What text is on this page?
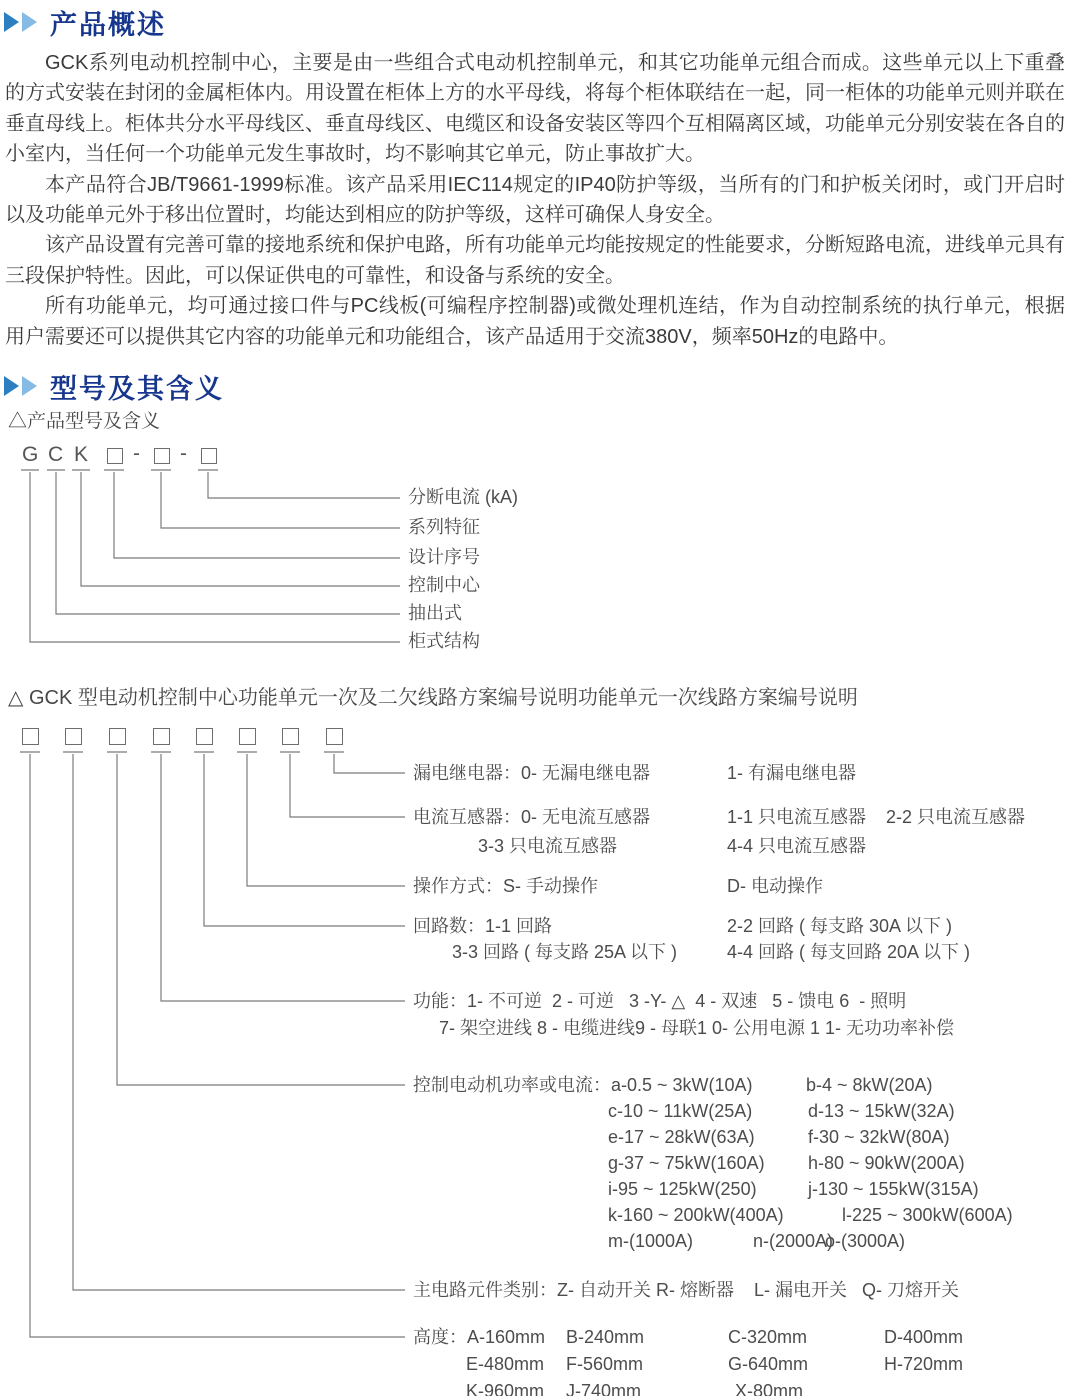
产品概述

GCK系列电动机控制中心，主要是由一些组合式电动机控制单元，和其它功能单元组合而成。这些单元以上下重叠的方式安装在封闭的金属柜体内。用设置在柜体上方的水平母线，将每个柜体联结在一起，同一柜体的功能单元则并联在垂直母线上。柜体共分水平母线区、垂直母线区、电缆区和设备安装区等四个互相隔离区域，功能单元分别安装在各自的小室内，当任何一个功能单元发生事故时，均不影响其它单元，防止事故扩大。

本产品符合JB/T9661-1999标准。该产品采用IEC114规定的IP40防护等级，当所有的门和护板关闭时，或门开启时以及功能单元外于移出位置时，均能达到相应的防护等级，这样可确保人身安全。

该产品设置有完善可靠的接地系统和保护电路，所有功能单元均能按规定的性能要求，分断短路电流，进线单元具有三段保护特性。因此，可以保证供电的可靠性，和设备与系统的安全。

所有功能单元，均可通过接口件与PC线板(可编程序控制器)或微处理机连结，作为自动控制系统的执行单元，根据用户需要还可以提供其它内容的功能单元和功能组合，该产品适用于交流380V，频率50Hz的电路中。

型号及其含义
△产品型号及含义
G C K - -
分断电流 (kA)
系列特征
设计序号
控制中心
抽出式
柜式结构
△ GCK 型电动机控制中心功能单元一次及二欠线路方案编号说明功能单元一次线路方案编号说明
漏电继电器：0- 无漏电继电器	1- 有漏电继电器
电流互感器：0- 无电流互感器	1-1 只电流互感器 2-2 只电流互感器
3-3 只电流互感器	4-4 只电流互感器
操作方式：S- 手动操作	D- 电动操作
回路数：1-1 回路	2-2 回路 ( 每支路 30A 以下 )
3-3 回路 ( 每支路 25A 以下 )	4-4 回路 ( 每支回路 20A 以下 )
功能：1- 不可逆  2 - 可逆   3 -Y- △  4 - 双速   5 - 馈电 6  - 照明
7- 架空进线 8 - 电缆进线9 - 母联1 0- 公用电源 1 1- 无功功率补偿
控制电动机功率或电流：a-0.5 ~ 3kW(10A)	b-4 ~ 8kW(20A)
c-10 ~ 11kW(25A)	d-13 ~ 15kW(32A)
e-17 ~ 28kW(63A)	f-30 ~ 32kW(80A)
g-37 ~ 75kW(160A) h-80 ~ 90kW(200A)
i-95 ~ 125kW(250)	j-130 ~ 155kW(315A)
k-160 ~ 200kW(400A)	l-225 ~ 300kW(600A)
m-(1000A)	n-(2000A)
o-(3000A)
主电路元件类别：Z- 自动开关 R- 熔断器    L- 漏电开关   Q- 刀熔开关
高度：A-160mm B-240mm	C-320mm	D-400mm
E-480mm F-560mm	G-640mm	H-720mm
K-960mm J-740mm	X-80mm
